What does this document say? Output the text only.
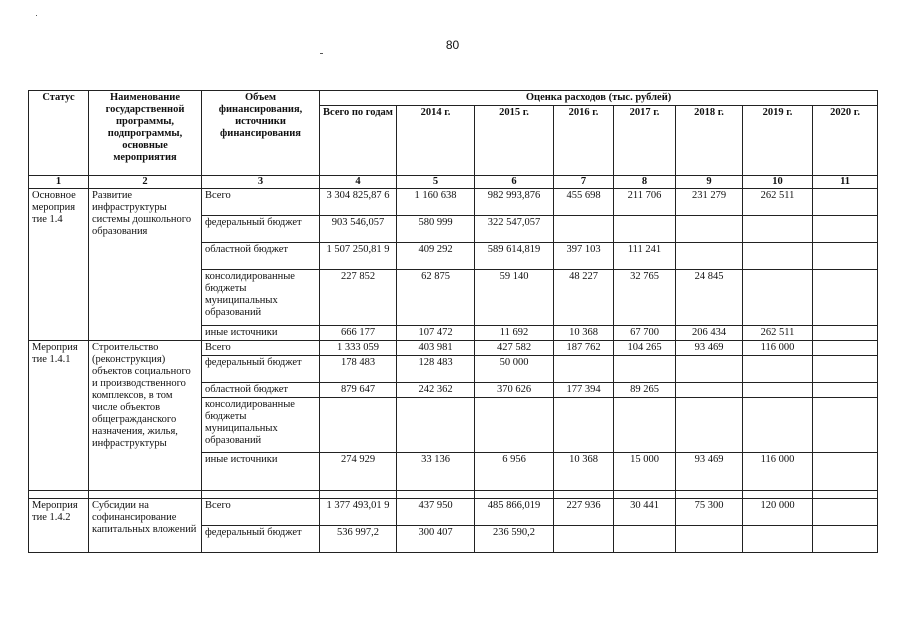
80
Статус	Наименование государственной программы, подпрограммы, основные мероприятия	Объем финансирования, источники финансирования	Оценка расходов (тыс. рублей)							
			Всего по годам	2014 г.	2015 г.	2016 г.	2017 г.	2018 г.	2019 г.	2020 г.
1	2	3	4	5	6	7	8	9	10	11
Основное мероприя тие 1.4	Развитие инфраструктуры системы дошкольного образования	Всего	3 304 825,87 6	1 160 638	982 993,876	455 698	211 706	231 279	262 511	
		федеральный бюджет	903 546,057	580 999	322 547,057					
		областной бюджет	1 507 250,81 9	409 292	589 614,819	397 103	111 241			
		консолидированные бюджеты муниципальных образований	227 852	62 875	59 140	48 227	32 765	24 845		
		иные источники	666 177	107 472	11 692	10 368	67 700	206 434	262 511	
Мероприя тие 1.4.1	Строительство (реконструкция) объектов социального и производственного комплексов, в том числе объектов общегражданского назначения, жилья, инфраструктуры	Всего	1 333 059	403 981	427 582	187 762	104 265	93 469	116 000	
		федеральный бюджет	178 483	128 483	50 000					
		областной бюджет	879 647	242 362	370 626	177 394	89 265			
		консолидированные бюджеты муниципальных образований								
		иные источники	274 929	33 136	6 956	10 368	15 000	93 469	116 000	

Мероприя тие 1.4.2	Субсидии на софинансирование капитальных вложений	Всего	1 377 493,01 9	437 950	485 866,019	227 936	30 441	75 300	120 000	
		федеральный бюджет	536 997,2	300 407	236 590,2					
